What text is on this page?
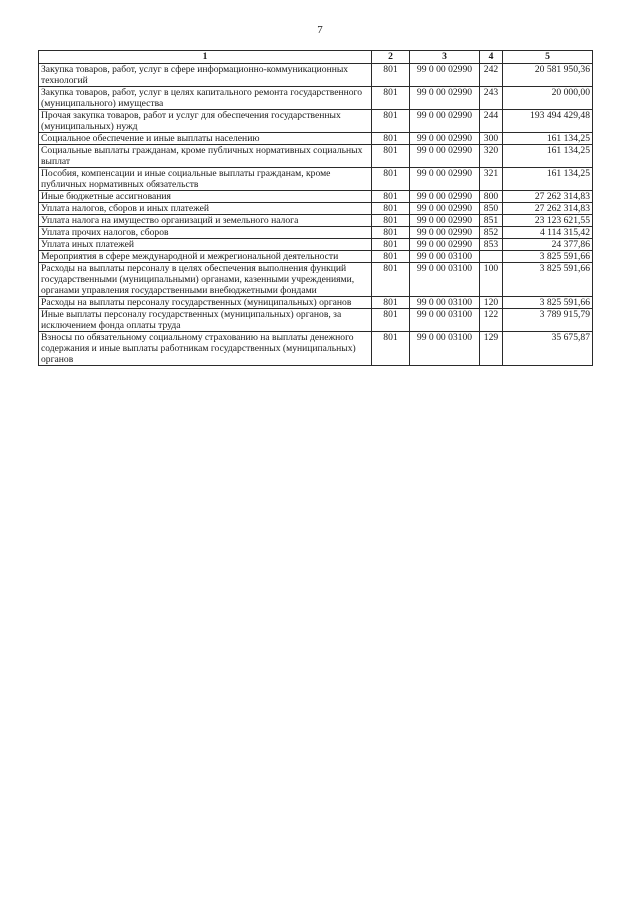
7
1	2	3	4	5
Закупка товаров, работ, услуг в сфере информационно-коммуникационных технологий	801	99 0 00 02990	242	20 581 950,36
Закупка товаров, работ, услуг в целях капитального ремонта государственного (муниципального) имущества	801	99 0 00 02990	243	20 000,00
Прочая закупка товаров, работ и услуг для обеспечения государственных (муниципальных) нужд	801	99 0 00 02990	244	193 494 429,48
Социальное обеспечение и иные выплаты населению	801	99 0 00 02990	300	161 134,25
Социальные выплаты гражданам, кроме публичных нормативных социальных выплат	801	99 0 00 02990	320	161 134,25
Пособия, компенсации и иные социальные выплаты гражданам, кроме публичных нормативных обязательств	801	99 0 00 02990	321	161 134,25
Иные бюджетные ассигнования	801	99 0 00 02990	800	27 262 314,83
Уплата налогов, сборов и иных платежей	801	99 0 00 02990	850	27 262 314,83
Уплата налога на имущество организаций и земельного налога	801	99 0 00 02990	851	23 123 621,55
Уплата прочих налогов, сборов	801	99 0 00 02990	852	4 114 315,42
Уплата иных платежей	801	99 0 00 02990	853	24 377,86
Мероприятия в сфере международной и межрегиональной деятельности	801	99 0 00 03100		3 825 591,66
Расходы на выплаты персоналу в целях обеспечения выполнения функций государственными (муниципальными) органами, казенными учреждениями, органами управления государственными внебюджетными фондами	801	99 0 00 03100	100	3 825 591,66
Расходы на выплаты персоналу государственных (муниципальных) органов	801	99 0 00 03100	120	3 825 591,66
Иные выплаты персоналу государственных (муниципальных) органов, за исключением фонда оплаты труда	801	99 0 00 03100	122	3 789 915,79
Взносы по обязательному социальному страхованию на выплаты денежного содержания и иные выплаты работникам государственных (муниципальных) органов	801	99 0 00 03100	129	35 675,87
